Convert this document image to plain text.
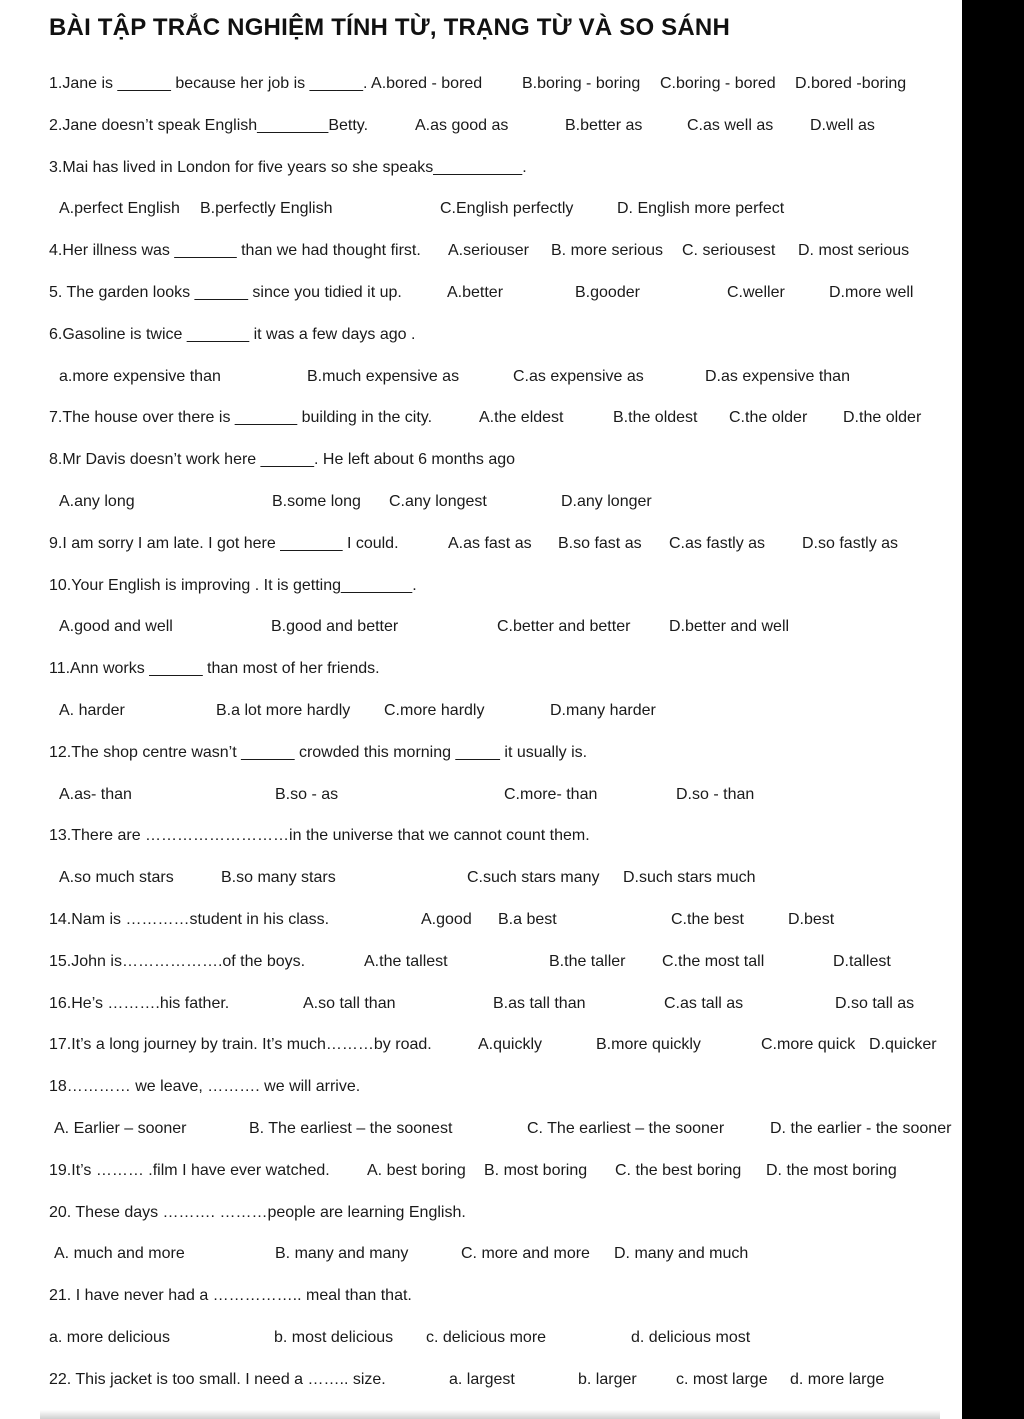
BÀI TẬP TRẮC NGHIỆM TÍNH TỪ, TRẠNG TỪ VÀ SO SÁNH
1.Jane is ______ because her job is ______. A.bored - bored B.boring - boring C.boring - bored D.bored -boring
2.Jane doesn’t speak English________Betty.	A.as good as	B.better as	C.as well as D.well as
3.Mai has lived in London for five years so she speaks__________.
A.perfect English B.perfectly English	C.English perfectly	D. English more perfect
4.Her illness was _______ than we had thought first. A.seriouser B. more serious C. seriousest D. most serious
5. The garden looks ______ since you tidied it up.	A.better	B.gooder	C.weller	D.more well
6.Gasoline is twice _______ it was a few days ago .
a.more expensive than	B.much expensive as	C.as expensive as	D.as expensive than
7.The house over there is _______ building in the city.	A.the eldest	B.the oldest C.the older D.the older
8.Mr Davis doesn’t work here ______. He left about 6 months ago
A.any long	B.some long C.any longest	D.any longer
9.I am sorry I am late. I got here _______ I could.	A.as fast as B.so fast as C.as fastly as D.so fastly as
10.Your English is improving . It is getting________.
A.good and well	B.good and better	C.better and better D.better and well
11.Ann works ______ than most of her friends.
A. harder	B.a lot more hardly C.more hardly	D.many harder
12.The shop centre wasn’t ______ crowded this morning _____ it usually is.
A.as- than	B.so - as	C.more- than	D.so - than
13.There are ………………………in the universe that we cannot count them.
A.so much stars	B.so many stars	C.such stars many D.such stars much
14.Nam is …………student in his class.	A.good B.a best	C.the best	D.best
15.John is……………….of the boys.	A.the tallest	B.the taller C.the most tall	D.tallest
16.He’s ……….his father.	A.so tall than	B.as tall than	C.as tall as	D.so tall as
17.It’s a long journey by train. It’s much………by road.	A.quickly	B.more quickly	C.more quick D.quicker
18………… we leave, ………. we will arrive.
A. Earlier – sooner	B. The earliest – the soonest	C. The earliest – the sooner	D. the earlier - the sooner
19.It’s ……… .film I have ever watched. A. best boring B. most boring C. the best boring D. the most boring
20. These days ………. ………people are learning English.
A. much and more	B. many and many	C. more and more D. many and much
21. I have never had a …………….. meal than that.
a. more delicious	b. most delicious c. delicious more	d. delicious most
22. This jacket is too small. I need a …….. size.	a. largest	b. larger c. most large d. more large
